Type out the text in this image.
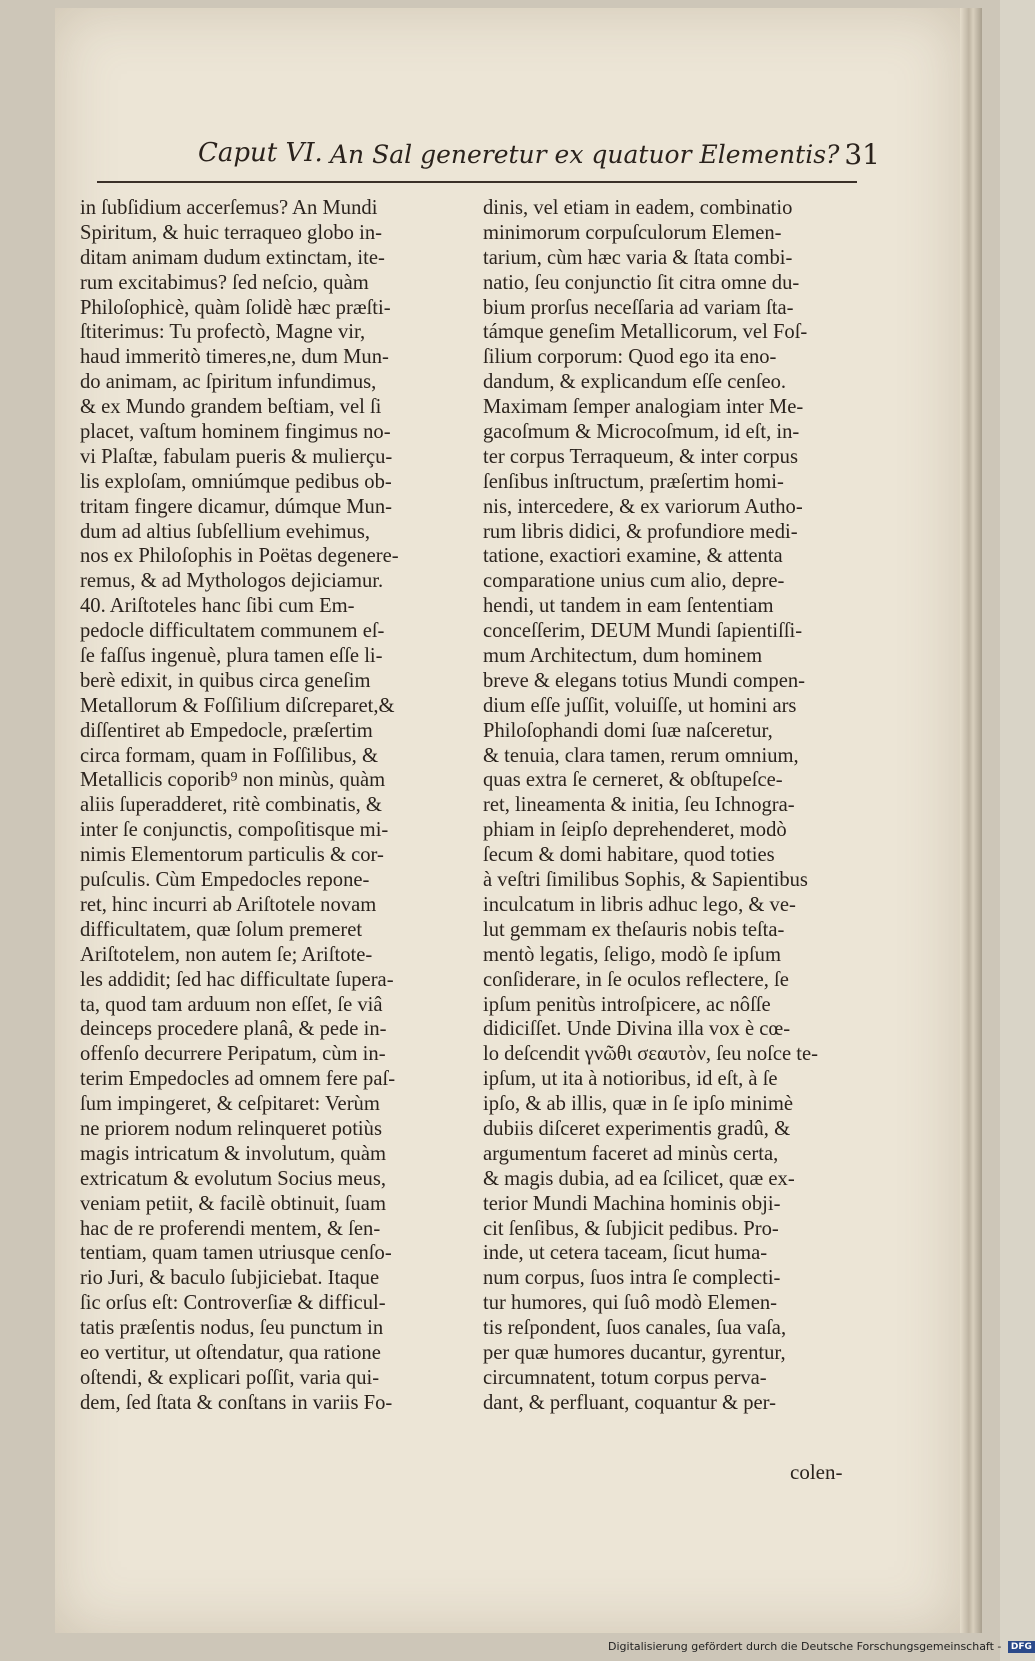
Caput VI. An Sal generetur ex quatuor Elementis? 31
in ſubſidium accerſemus? An Mundi
Spiritum, & huic terraqueo globo in-
ditam animam dudum extinctam, ite-
rum excitabimus? ſed neſcio, quàm
Philoſophicè, quàm ſolidè hæc præſti-
ſtiterimus: Tu profectò, Magne vir,
haud immeritò timeres,ne, dum Mun-
do animam, ac ſpiritum infundimus,
& ex Mundo grandem beſtiam, vel ſi
placet, vaſtum hominem fingimus no-
vi Plaſtæ, fabulam pueris & mulierçu-
lis exploſam, omniúmque pedibus ob-
tritam fingere dicamur, dúmque Mun-
dum ad altius ſubſellium evehimus,
nos ex Philoſophis in Poëtas degenere-
remus, & ad Mythologos dejiciamur.
40. Ariſtoteles hanc ſibi cum Em-
pedocle difficultatem communem eſ-
ſe faſſus ingenuè, plura tamen eſſe li-
berè edixit, in quibus circa geneſim
Metallorum & Foſſilium diſcreparet,&
diſſentiret ab Empedocle, præſertim
circa formam, quam in Foſſilibus, &
Metallicis coporib⁹ non minùs, quàm
aliis ſuperadderet, ritè combinatis, &
inter ſe conjunctis, compoſitisque mi-
nimis Elementorum particulis & cor-
puſculis. Cùm Empedocles repone-
ret, hinc incurri ab Ariſtotele novam
difficultatem, quæ ſolum premeret
Ariſtotelem, non autem ſe; Ariſtote-
les addidit; ſed hac difficultate ſupera-
ta, quod tam arduum non eſſet, ſe viâ
deinceps procedere planâ, & pede in-
offenſo decurrere Peripatum, cùm in-
terim Empedocles ad omnem fere paſ-
ſum impingeret, & ceſpitaret: Verùm
ne priorem nodum relinqueret potiùs
magis intricatum & involutum, quàm
extricatum & evolutum Socius meus,
veniam petiit, & facilè obtinuit, ſuam
hac de re proferendi mentem, & ſen-
tentiam, quam tamen utriusque cenſo-
rio Juri, & baculo ſubjiciebat. Itaque
ſic orſus eſt: Controverſiæ & difficul-
tatis præſentis nodus, ſeu punctum in
eo vertitur, ut oſtendatur, qua ratione
oſtendi, & explicari poſſit, varia qui-
dem, ſed ſtata & conſtans in variis Fo-
dinis, vel etiam in eadem, combinatio
minimorum corpuſculorum Elemen-
tarium, cùm hæc varia & ſtata combi-
natio, ſeu conjunctio ſit citra omne du-
bium prorſus neceſſaria ad variam ſta-
támque geneſim Metallicorum, vel Foſ-
ſilium corporum: Quod ego ita eno-
dandum, & explicandum eſſe cenſeo.
Maximam ſemper analogiam inter Me-
gacoſmum & Microcoſmum, id eſt, in-
ter corpus Terraqueum, & inter corpus
ſenſibus inſtructum, præſertim homi-
nis, intercedere, & ex variorum Autho-
rum libris didici, & profundiore medi-
tatione, exactiori examine, & attenta
comparatione unius cum alio, depre-
hendi, ut tandem in eam ſententiam
conceſſerim, DEUM Mundi ſapientiſſi-
mum Architectum, dum hominem
breve & elegans totius Mundi compen-
dium eſſe juſſit, voluiſſe, ut homini ars
Philoſophandi domi ſuæ naſceretur,
& tenuia, clara tamen, rerum omnium,
quas extra ſe cerneret, & obſtupeſce-
ret, lineamenta & initia, ſeu Ichnogra-
phiam in ſeipſo deprehenderet, modò
ſecum & domi habitare, quod toties
à veſtri ſimilibus Sophis, & Sapientibus
inculcatum in libris adhuc lego, & ve-
lut gemmam ex theſauris nobis teſta-
mentò legatis, ſeligo, modò ſe ipſum
conſiderare, in ſe oculos reflectere, ſe
ipſum penitùs introſpicere, ac nôſſe
didiciſſet. Unde Divina illa vox è cœ-
lo deſcendit γνῶθι σεαυτὸν, ſeu noſce te-
ipſum, ut ita à notioribus, id eſt, à ſe
ipſo, & ab illis, quæ in ſe ipſo minimè
dubiis diſceret experimentis gradû, &
argumentum faceret ad minùs certa,
& magis dubia, ad ea ſcilicet, quæ ex-
terior Mundi Machina hominis obji-
cit ſenſibus, & ſubjicit pedibus. Pro-
inde, ut cetera taceam, ſicut huma-
num corpus, ſuos intra ſe complecti-
tur humores, qui ſuô modò Elemen-
tis reſpondent, ſuos canales, ſua vaſa,
per quæ humores ducantur, gyrentur,
circumnatent, totum corpus perva-
dant, & perfluant, coquantur & per-
colen-
Digitalisierung gefördert durch die Deutsche Forschungsgemeinschaft - DFG
